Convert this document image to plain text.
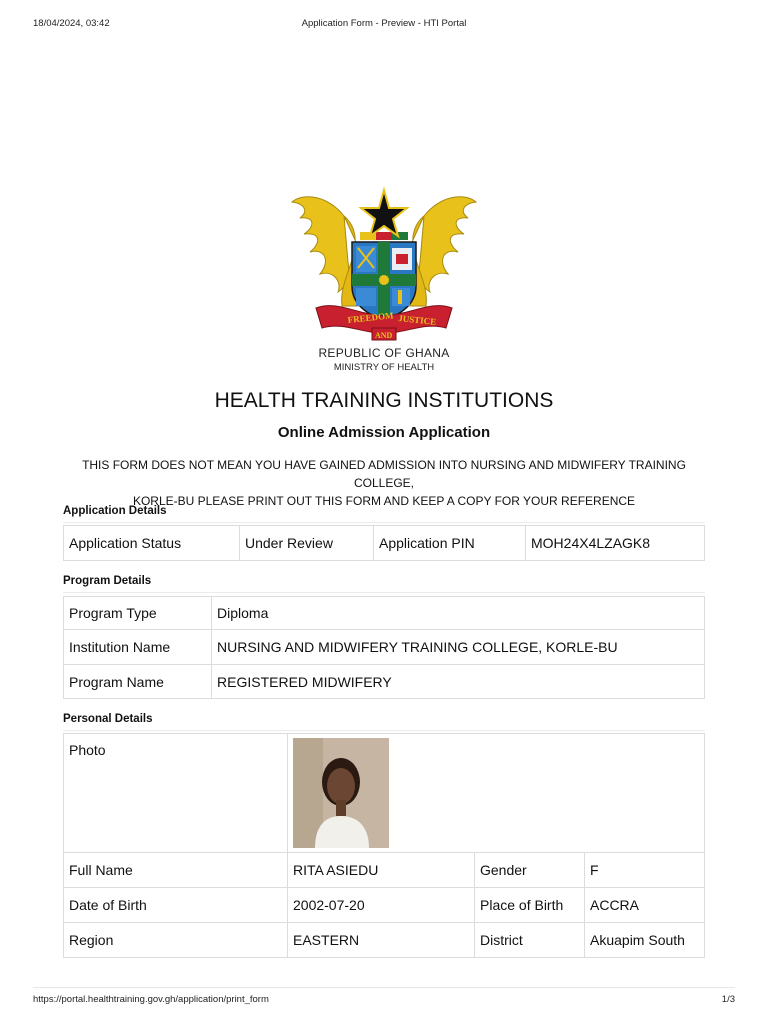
18/04/2024, 03:42	Application Form - Preview - HTI Portal
FREEDOM JUSTICE
AND
REPUBLIC OF GHANA
MINISTRY OF HEALTH
HEALTH TRAINING INSTITUTIONS
Online Admission Application
THIS FORM DOES NOT MEAN YOU HAVE GAINED ADMISSION INTO NURSING AND MIDWIFERY TRAINING COLLEGE,
KORLE-BU PLEASE PRINT OUT THIS FORM AND KEEP A COPY FOR YOUR REFERENCE
Application Details
Application Status	Under Review	Application PIN	MOH24X4LZAGK8
Program Details
Program Type	Diploma
Institution Name	NURSING AND MIDWIFERY TRAINING COLLEGE, KORLE-BU
Program Name	REGISTERED MIDWIFERY
Personal Details
Photo	

Full Name	RITA ASIEDU	Gender	F
Date of Birth	2002-07-20	Place of Birth	ACCRA
Region	EASTERN	District	Akuapim South
https://portal.healthtraining.gov.gh/application/print_form	1/3
